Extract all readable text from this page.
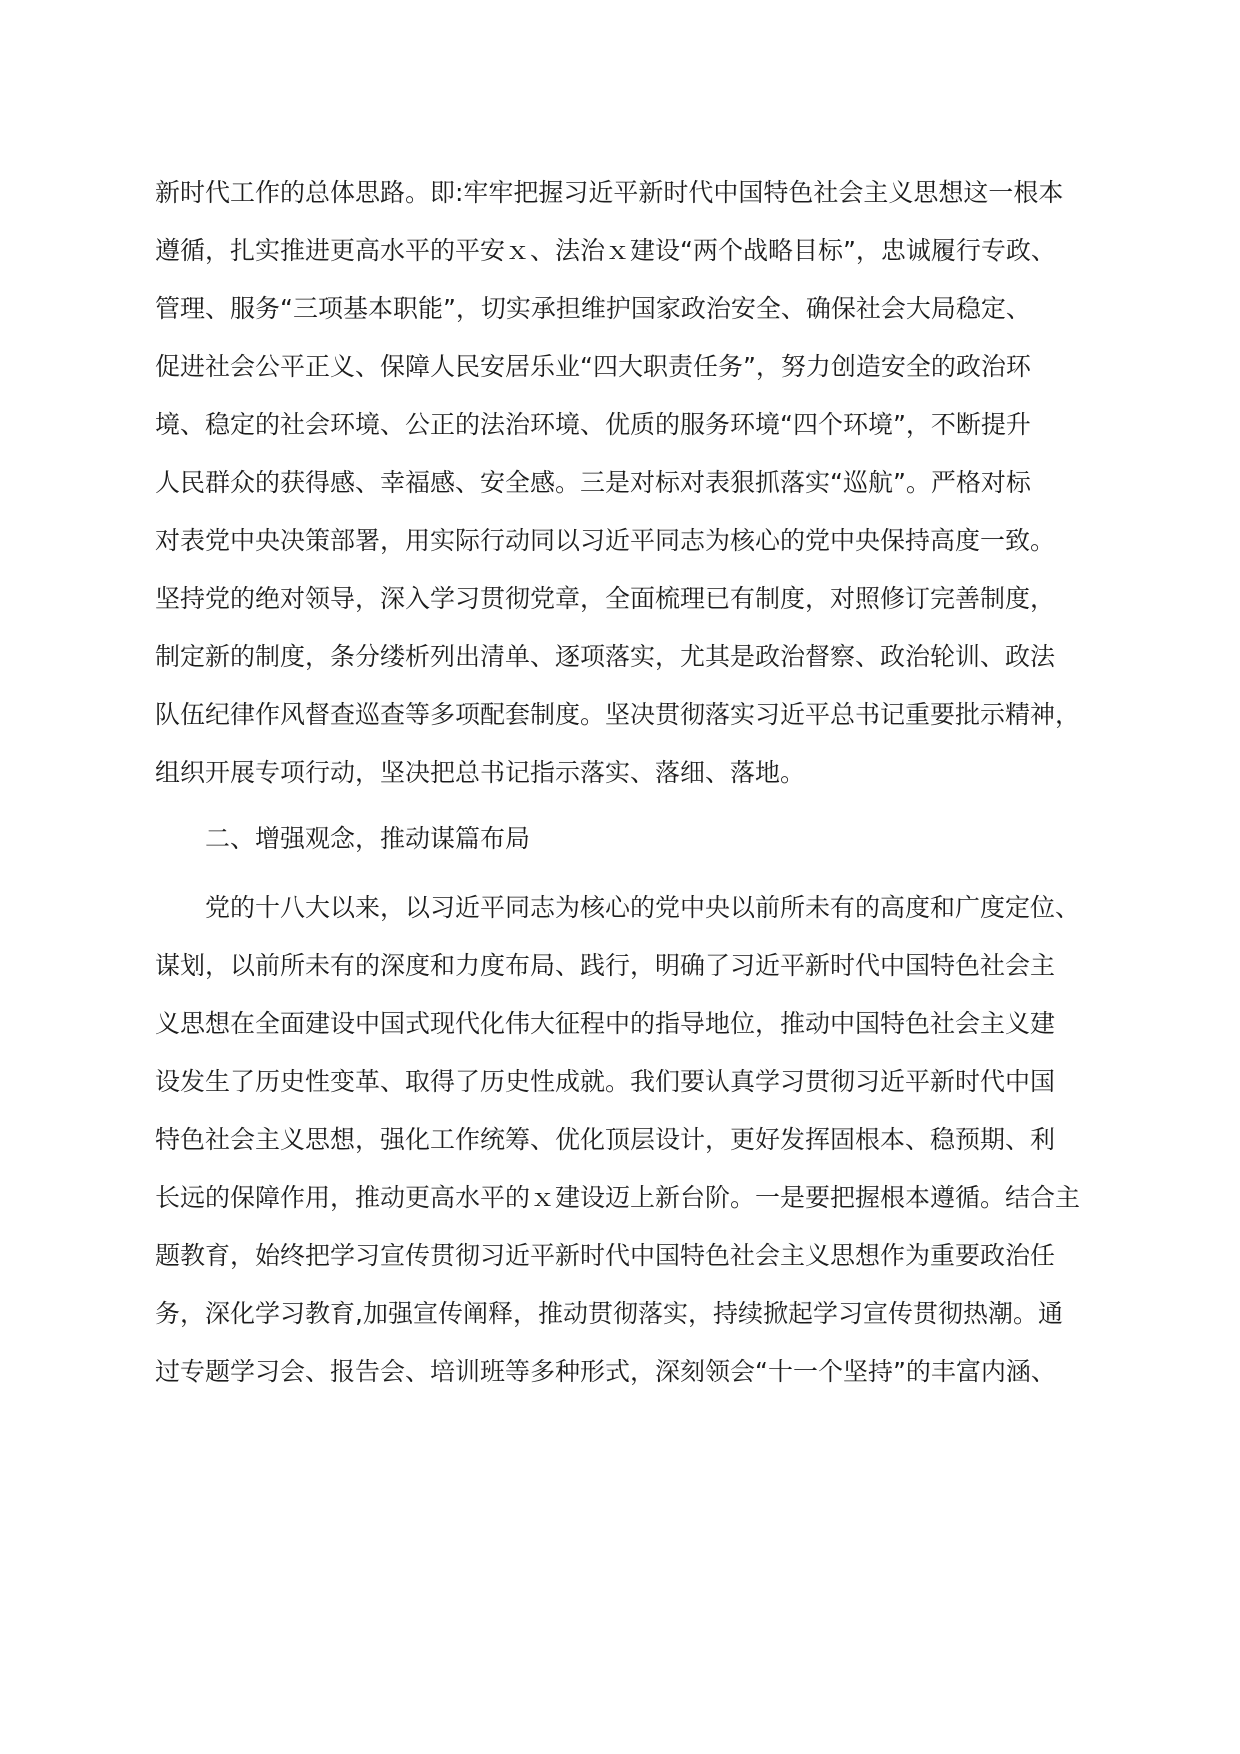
新时代工作的总体思路。即:牢牢把握习近平新时代中国特色社会主义思想这一根本
遵循，扎实推进更高水平的平安ｘ、法治ｘ建设“两个战略目标”，忠诚履行专政、
管理、服务“三项基本职能”，切实承担维护国家政治安全、确保社会大局稳定、
促进社会公平正义、保障人民安居乐业“四大职责任务”，努力创造安全的政治环
境、稳定的社会环境、公正的法治环境、优质的服务环境“四个环境”，不断提升
人民群众的获得感、幸福感、安全感。三是对标对表狠抓落实“巡航”。严格对标
对表党中央决策部署，用实际行动同以习近平同志为核心的党中央保持高度一致。
坚持党的绝对领导，深入学习贯彻党章，全面梳理已有制度，对照修订完善制度，
制定新的制度，条分缕析列出清单、逐项落实，尤其是政治督察、政治轮训、政法
队伍纪律作风督查巡查等多项配套制度。坚决贯彻落实习近平总书记重要批示精神，
组织开展专项行动，坚决把总书记指示落实、落细、落地。
二、增强观念，推动谋篇布局
党的十八大以来，以习近平同志为核心的党中央以前所未有的高度和广度定位、
谋划，以前所未有的深度和力度布局、践行，明确了习近平新时代中国特色社会主
义思想在全面建设中国式现代化伟大征程中的指导地位，推动中国特色社会主义建
设发生了历史性变革、取得了历史性成就。我们要认真学习贯彻习近平新时代中国
特色社会主义思想，强化工作统筹、优化顶层设计，更好发挥固根本、稳预期、利
长远的保障作用，推动更高水平的ｘ建设迈上新台阶。一是要把握根本遵循。结合主
题教育，始终把学习宣传贯彻习近平新时代中国特色社会主义思想作为重要政治任
务，深化学习教育,加强宣传阐释，推动贯彻落实，持续掀起学习宣传贯彻热潮。通
过专题学习会、报告会、培训班等多种形式，深刻领会“十一个坚持”的丰富内涵、
